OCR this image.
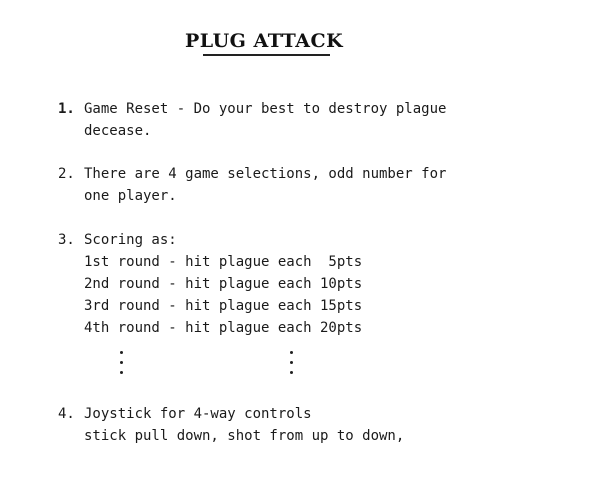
PLUG ATTACK
1. Game Reset - Do your best to destroy plague
decease.
2. There are 4 game selections, odd number for
one player.
3. Scoring as:
1st round - hit plague each  5pts
2nd round - hit plague each 10pts
3rd round - hit plague each 15pts
4th round - hit plague each 20pts
4. Joystick for 4-way controls
stick pull down, shot from up to down,
